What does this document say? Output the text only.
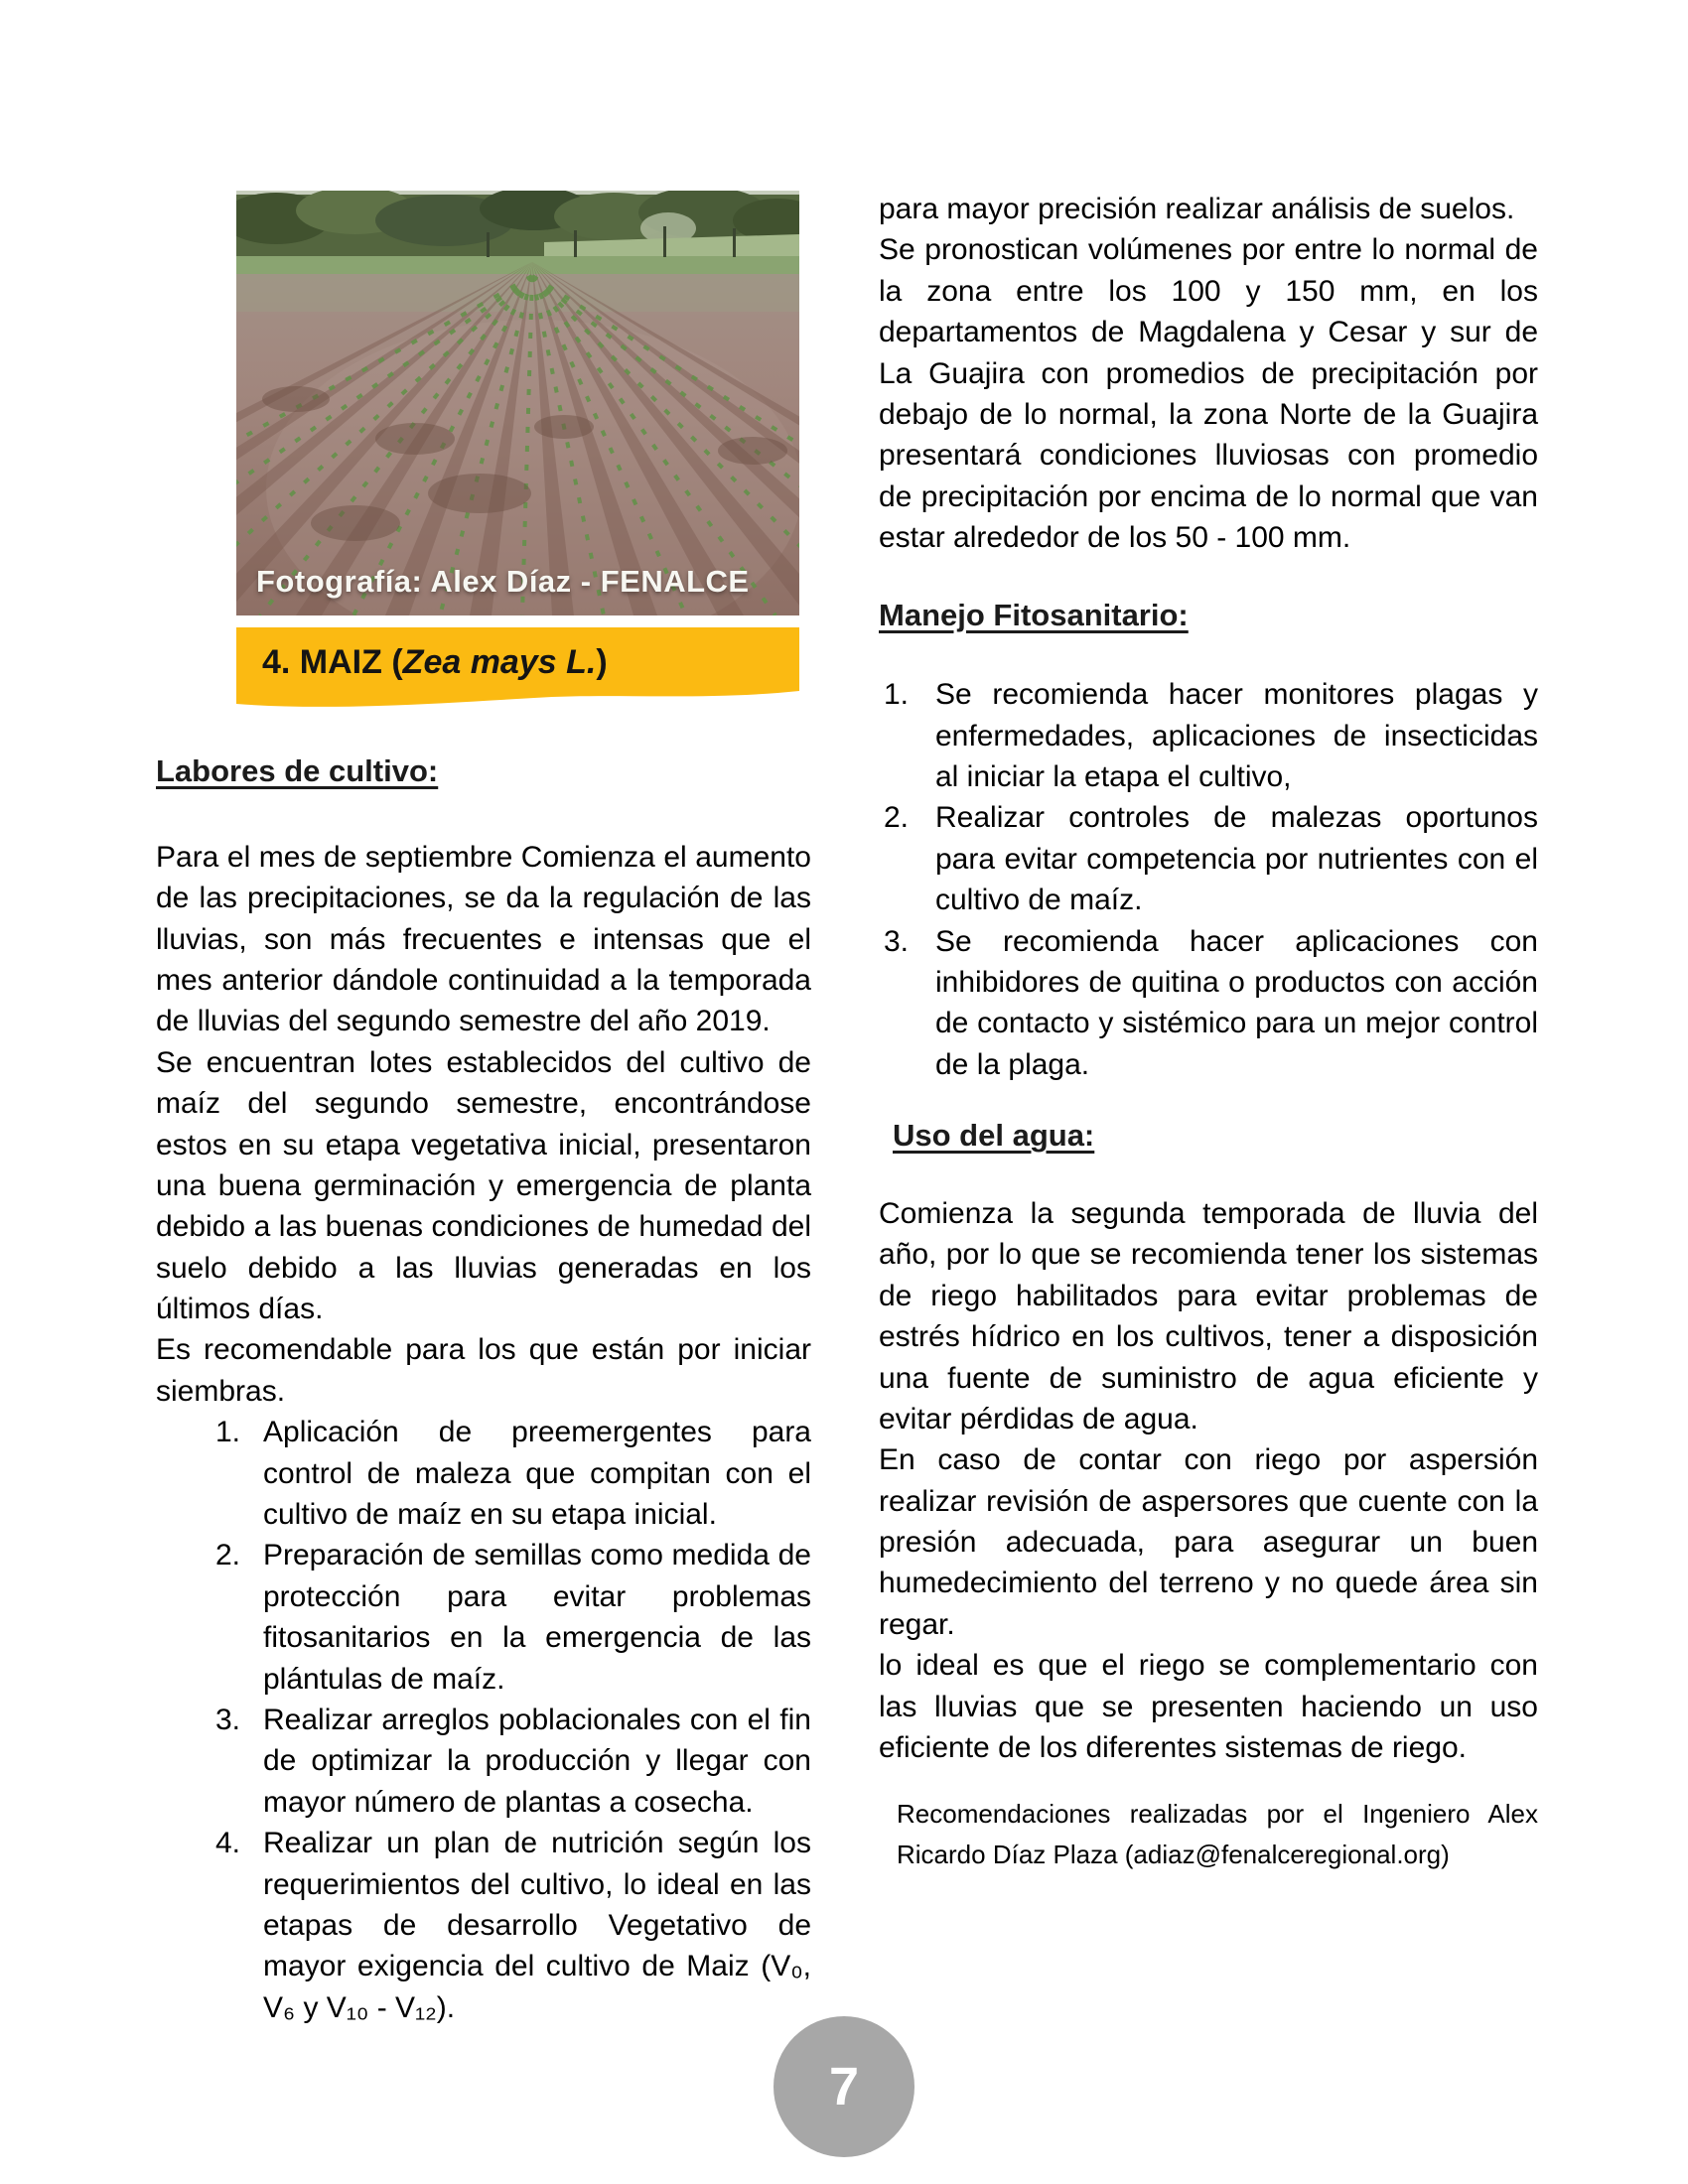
Fotografía: Alex Díaz - FENALCE
4. MAIZ (Zea mays L.)
Labores de cultivo:

Para el mes de septiembre Comienza el aumento de las precipitaciones, se da la regulación de las lluvias, son más frecuentes e intensas que el mes anterior dándole continuidad a la temporada de lluvias del segundo semestre del año 2019.

Se encuentran lotes establecidos del cultivo de maíz del segundo semestre, encontrándose estos en su etapa vegetativa inicial, presentaron una buena germinación y emergencia de planta debido a las buenas condiciones de humedad del suelo debido a las lluvias generadas en los últimos días.

Es recomendable para los que están por iniciar siembras.

1. Aplicación de preemergentes para control de maleza que compitan con el cultivo de maíz en su etapa inicial.
2. Preparación de semillas como medida de protección para evitar problemas fitosanitarios en la emergencia de las plántulas de maíz.
3. Realizar arreglos poblacionales con el fin de optimizar la producción y llegar con mayor número de plantas a cosecha.
4. Realizar un plan de nutrición según los requerimientos del cultivo, lo ideal en las etapas de desarrollo Vegetativo de mayor exigencia del cultivo de Maiz (V₀, V₆ y V₁₀ - V₁₂).

para mayor precisión realizar análisis de suelos.

Se pronostican volúmenes por entre lo normal de la zona entre los 100 y 150 mm, en los departamentos de Magdalena y Cesar y sur de La Guajira con promedios de precipitación por debajo de lo normal, la zona Norte de la Guajira presentará condiciones lluviosas con promedio de precipitación por encima de lo normal que van estar alrededor de los 50 - 100 mm.

Manejo Fitosanitario:
1. Se recomienda hacer monitores plagas y enfermedades, aplicaciones de insecticidas al iniciar la etapa el cultivo,
2. Realizar controles de malezas oportunos para evitar competencia por nutrientes con el cultivo de maíz.
3. Se recomienda hacer aplicaciones con inhibidores de quitina o productos con acción de contacto y sistémico para un mejor control de la plaga.
Uso del agua:

Comienza la segunda temporada de lluvia del año, por lo que se recomienda tener los sistemas de riego habilitados para evitar problemas de estrés hídrico en los cultivos, tener a disposición una fuente de suministro de agua eficiente y evitar pérdidas de agua.

En caso de contar con riego por aspersión realizar revisión de aspersores que cuente con la presión adecuada, para asegurar un buen humedecimiento del terreno y no quede área sin regar.

lo ideal es que el riego se complementario con las lluvias que se presenten haciendo un uso eficiente de los diferentes sistemas de riego.

Recomendaciones realizadas por el Ingeniero Alex Ricardo Díaz Plaza (adiaz@fenalceregional.org)

7
